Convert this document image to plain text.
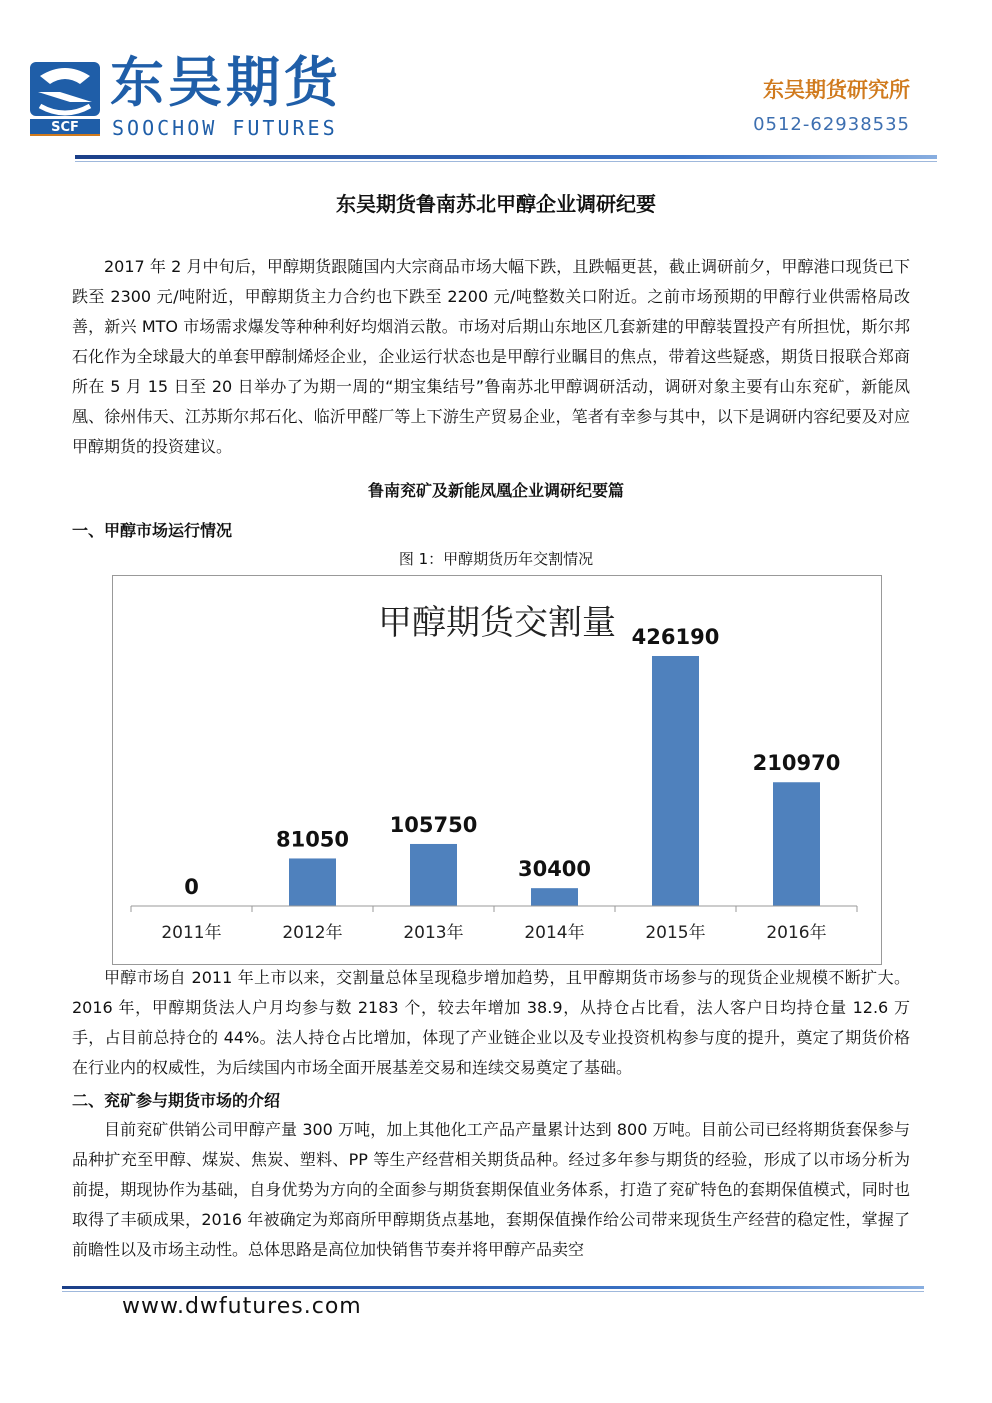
SCF
东吴期货
SOOCHOW FUTURES
东吴期货研究所
0512-62938535
东吴期货鲁南苏北甲醇企业调研纪要

2017 年 2 月中旬后，甲醇期货跟随国内大宗商品市场大幅下跌，且跌幅更甚，截止调研前夕，甲醇港口现货已下跌至 2300 元/吨附近，甲醇期货主力合约也下跌至 2200 元/吨整数关口附近。之前市场预期的甲醇行业供需格局改善，新兴 MTO 市场需求爆发等种种利好均烟消云散。市场对后期山东地区几套新建的甲醇装置投产有所担忧，斯尔邦石化作为全球最大的单套甲醇制烯烃企业，企业运行状态也是甲醇行业瞩目的焦点，带着这些疑惑，期货日报联合郑商所在 5 月 15 日至 20 日举办了为期一周的“期宝集结号”鲁南苏北甲醇调研活动，调研对象主要有山东兖矿，新能凤凰、徐州伟天、江苏斯尔邦石化、临沂甲醛厂等上下游生产贸易企业，笔者有幸参与其中，以下是调研内容纪要及对应甲醇期货的投资建议。

鲁南兖矿及新能凤凰企业调研纪要篇
一、甲醇市场运行情况
图 1：甲醇期货历年交割情况
甲醇期货交割量
0
81050
105750
30400
426190
210970
2011年	2012年	2013年	2014年	2015年	2016年

甲醇市场自 2011 年上市以来，交割量总体呈现稳步增加趋势，且甲醇期货市场参与的现货企业规模不断扩大。2016 年，甲醇期货法人户月均参与数 2183 个，较去年增加 38.9，从持仓占比看，法人客户日均持仓量 12.6 万手，占目前总持仓的 44%。法人持仓占比增加，体现了产业链企业以及专业投资机构参与度的提升，奠定了期货价格在行业内的权威性，为后续国内市场全面开展基差交易和连续交易奠定了基础。

二、兖矿参与期货市场的介绍

目前兖矿供销公司甲醇产量 300 万吨，加上其他化工产品产量累计达到 800 万吨。目前公司已经将期货套保参与品种扩充至甲醇、煤炭、焦炭、塑料、PP 等生产经营相关期货品种。经过多年参与期货的经验，形成了以市场分析为前提，期现协作为基础，自身优势为方向的全面参与期货套期保值业务体系，打造了兖矿特色的套期保值模式，同时也取得了丰硕成果，2016 年被确定为郑商所甲醇期货点基地，套期保值操作给公司带来现货生产经营的稳定性，掌握了前瞻性以及市场主动性。总体思路是高位加快销售节奏并将甲醇产品卖空

www.dwfutures.com
